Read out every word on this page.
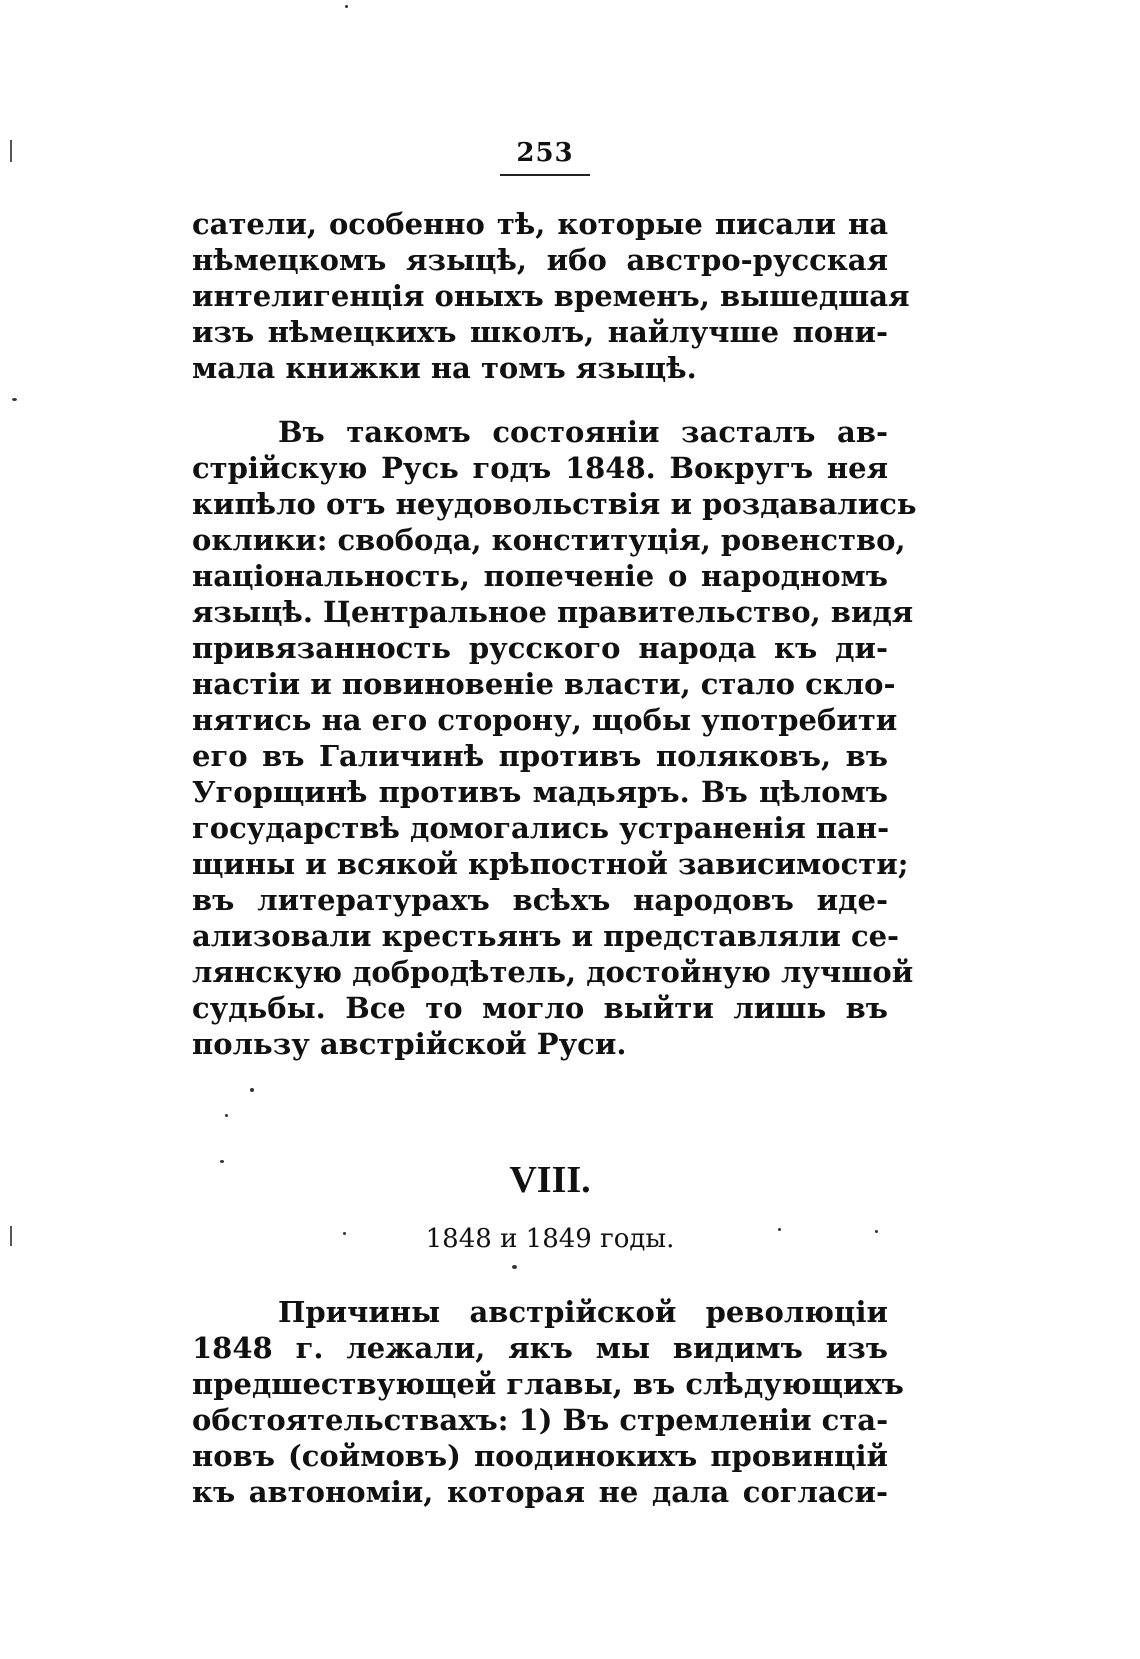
253
сатели, особенно тѣ, которые писали на
нѣмецкомъ языцѣ, ибо австро-русская
интелигенція оныхъ временъ, вышедшая
изъ нѣмецкихъ школъ, найлучше пони-
мала книжки на томъ языцѣ.
Въ такомъ состояніи засталъ ав-
стрійскую Русь годъ 1848. Вокругъ нея
кипѣло отъ неудовольствія и роздавались
оклики: свобода, конституція, ровенство,
національность, попеченіе о народномъ
языцѣ. Центральное правительство, видя
привязанность русского народа къ ди-
настіи и повиновеніе власти, стало скло-
нятись на его сторону, щобы употребити
его въ Галичинѣ противъ поляковъ, въ
Угорщинѣ противъ мадьяръ. Въ цѣломъ
государствѣ домогались устраненія пан-
щины и всякой крѣпостной зависимости;
въ литературахъ всѣхъ народовъ иде-
ализовали крестьянъ и представляли се-
лянскую добродѣтель, достойную лучшой
судьбы. Все то могло выйти лишь въ
пользу австрійской Руси.
VIII.
1848 и 1849 годы.
Причины австрійской революціи
1848 г. лежали, якъ мы видимъ изъ
предшествующей главы, въ слѣдующихъ
обстоятельствахъ: 1) Въ стремленіи ста-
новъ (соймовъ) поодинокихъ провинцій
къ автономіи, которая не дала согласи-
